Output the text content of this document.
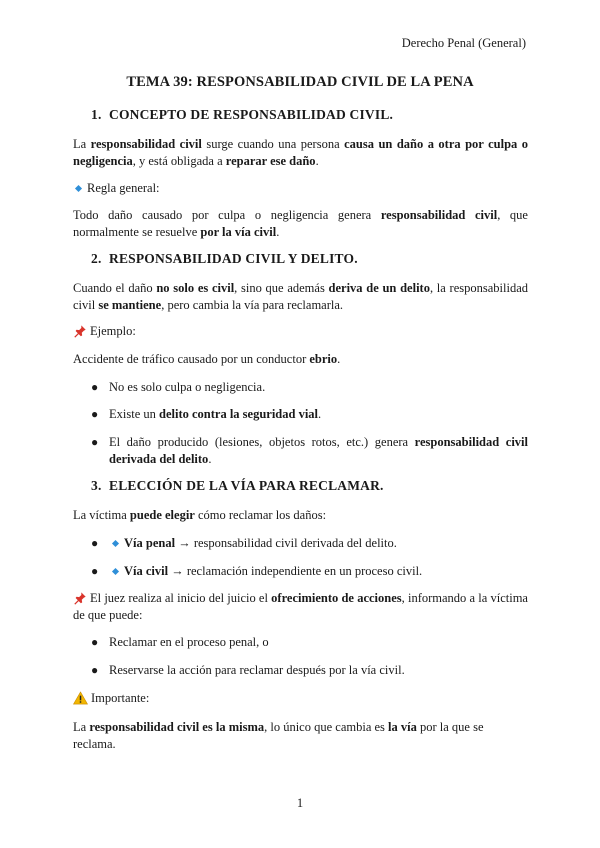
Derecho Penal (General)
TEMA 39: RESPONSABILIDAD CIVIL DE LA PENA
1. CONCEPTO DE RESPONSABILIDAD CIVIL.
La responsabilidad civil surge cuando una persona causa un daño a otra por culpa o negligencia, y está obligada a reparar ese daño.
Regla general:
Todo daño causado por culpa o negligencia genera responsabilidad civil, que normalmente se resuelve por la vía civil.
2. RESPONSABILIDAD CIVIL Y DELITO.
Cuando el daño no solo es civil, sino que además deriva de un delito, la responsabilidad civil se mantiene, pero cambia la vía para reclamarla.
Ejemplo:
Accidente de tráfico causado por un conductor ebrio.
● No es solo culpa o negligencia.
● Existe un delito contra la seguridad vial.
● El daño producido (lesiones, objetos rotos, etc.) genera responsabilidad civil derivada del delito.
3. ELECCIÓN DE LA VÍA PARA RECLAMAR.
La víctima puede elegir cómo reclamar los daños:
●	Vía penal → responsabilidad civil derivada del delito.
●	Vía civil → reclamación independiente en un proceso civil.
El juez realiza al inicio del juicio el ofrecimiento de acciones, informando a la víctima de que puede:
● Reclamar en el proceso penal, o
● Reservarse la acción para reclamar después por la vía civil.
Importante:
La responsabilidad civil es la misma, lo único que cambia es la vía por la que se reclama.
1
